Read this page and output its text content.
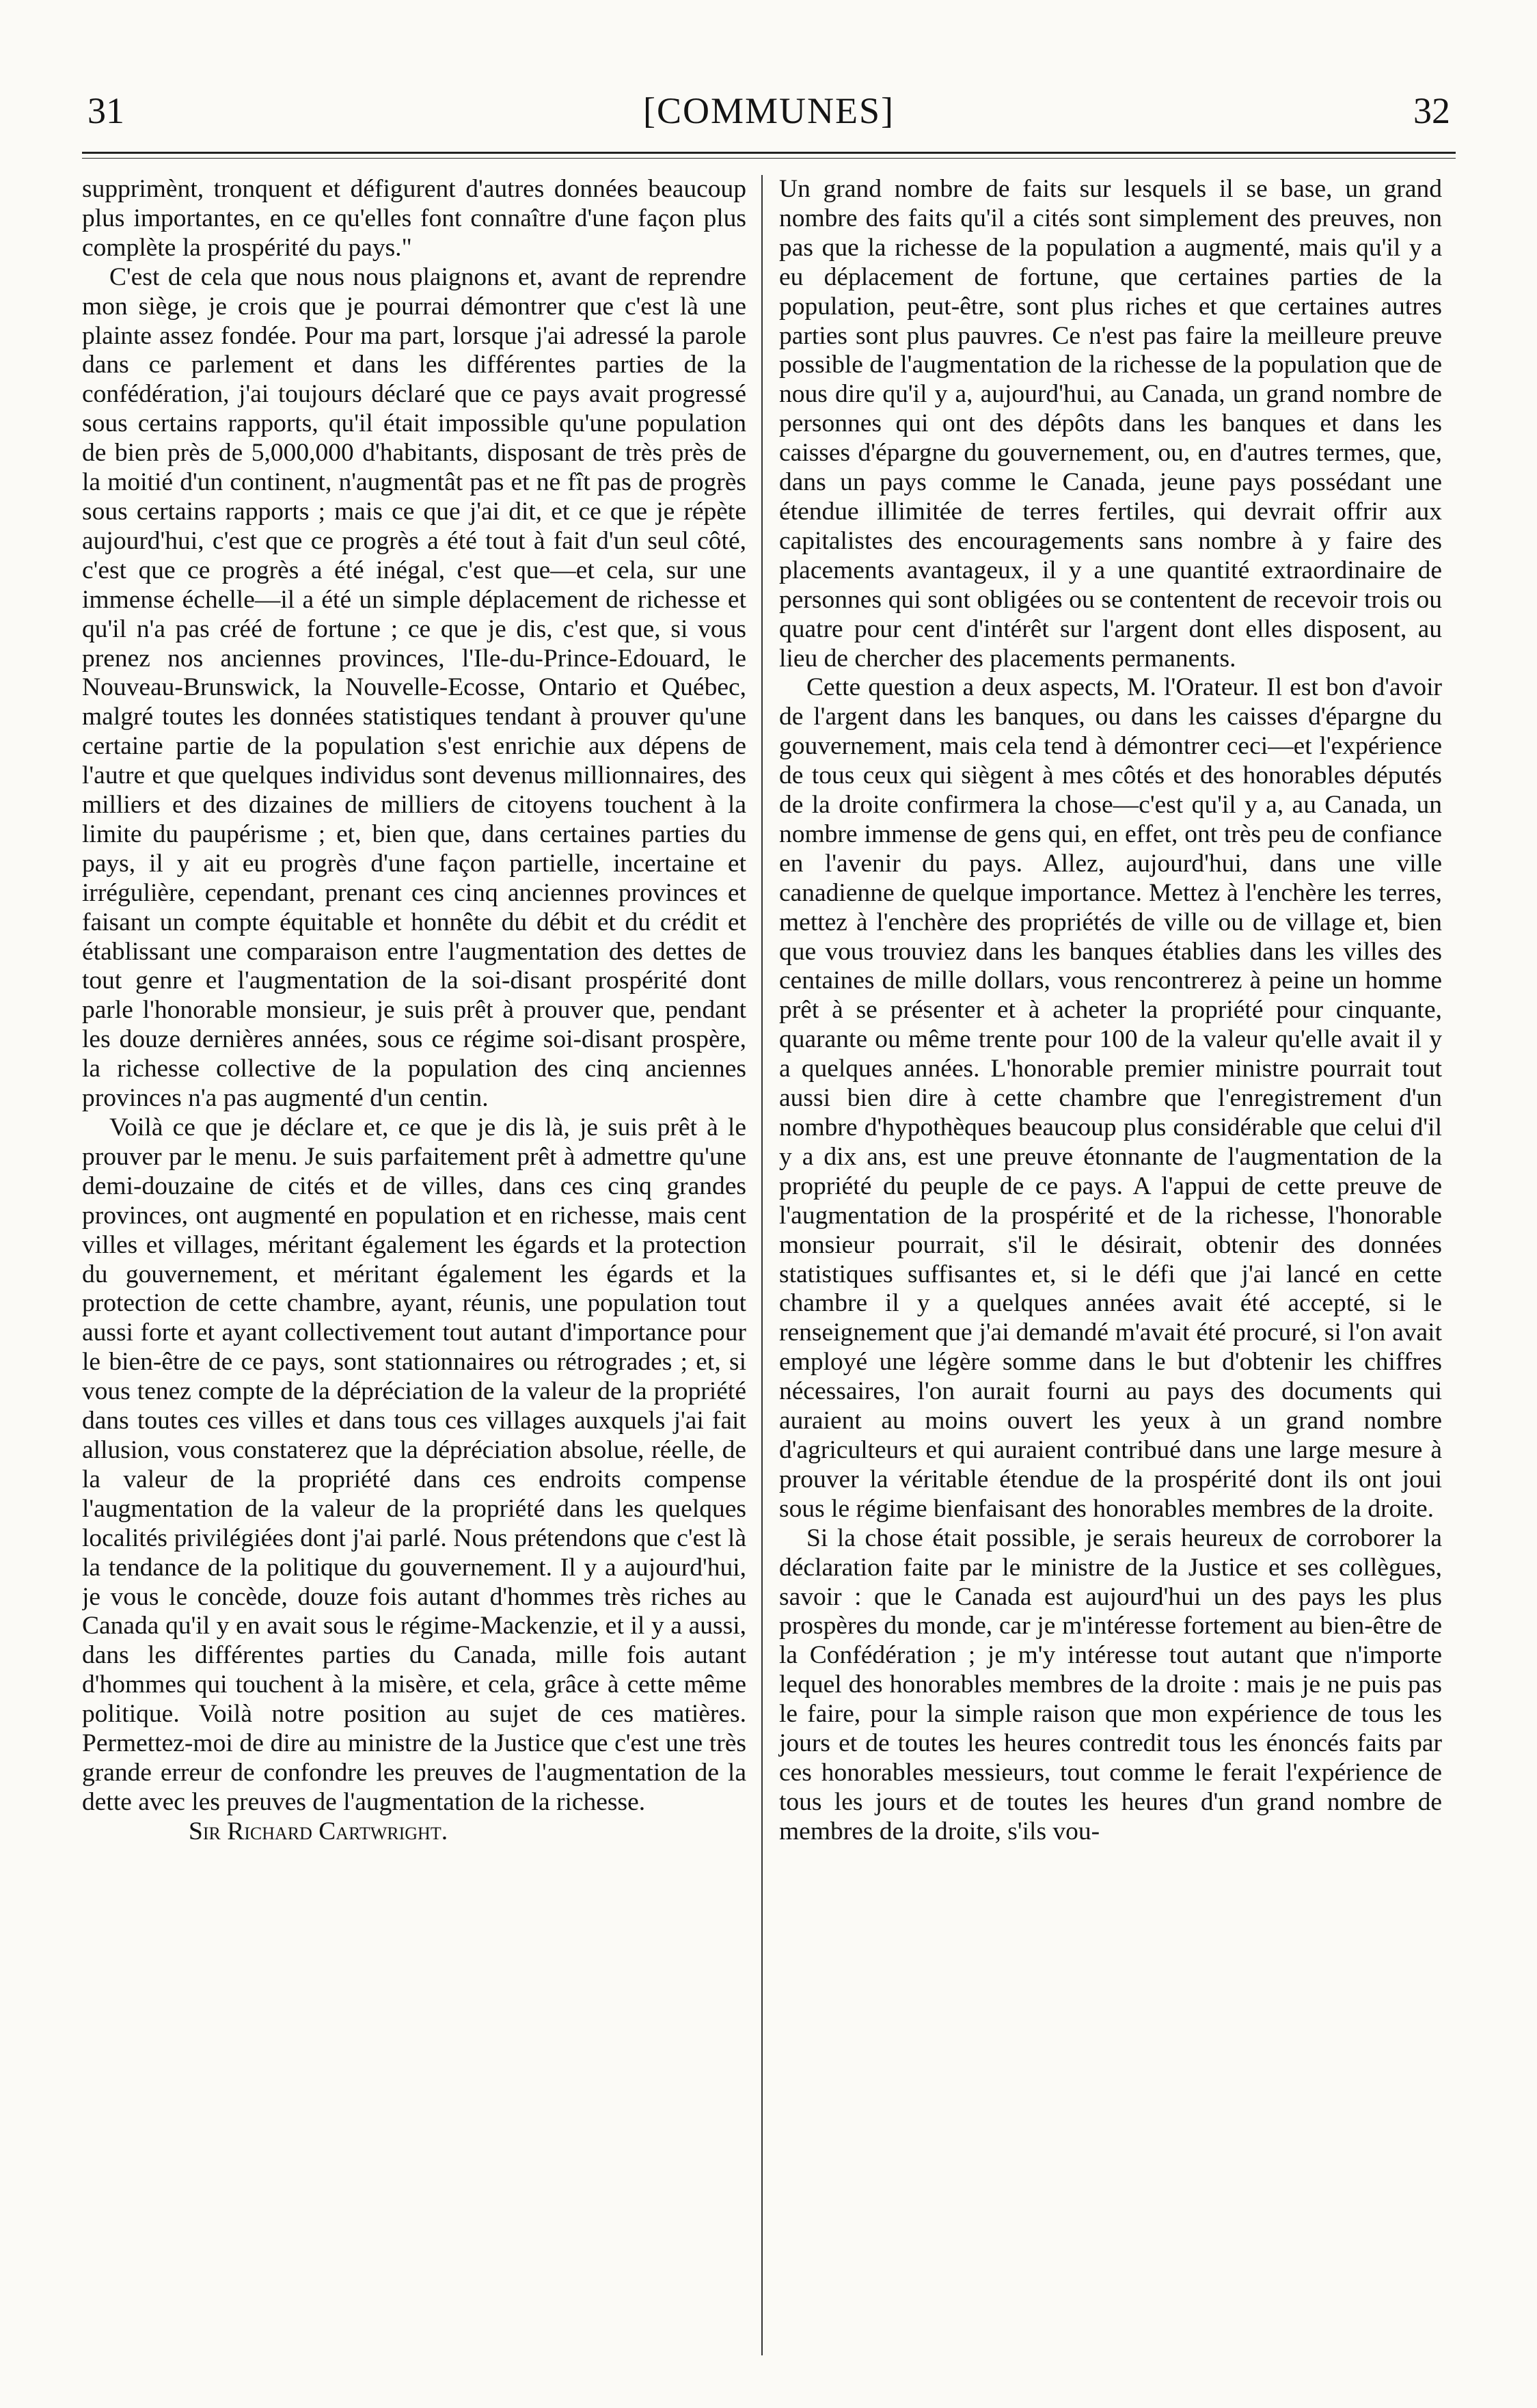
31	[COMMUNES]	32

supprimènt, tronquent et défigurent d'autres données beaucoup plus importantes, en ce qu'elles font connaître d'une façon plus complète la prospérité du pays."

C'est de cela que nous nous plaignons et, avant de reprendre mon siège, je crois que je pourrai démontrer que c'est là une plainte assez fondée. Pour ma part, lorsque j'ai adressé la parole dans ce parlement et dans les différentes parties de la confédération, j'ai toujours déclaré que ce pays avait progressé sous certains rapports, qu'il était impossible qu'une population de bien près de 5,000,000 d'habitants, disposant de très près de la moitié d'un continent, n'augmentât pas et ne fît pas de progrès sous certains rapports ; mais ce que j'ai dit, et ce que je répète aujourd'hui, c'est que ce progrès a été tout à fait d'un seul côté, c'est que ce progrès a été inégal, c'est que—et cela, sur une immense échelle—il a été un simple déplacement de richesse et qu'il n'a pas créé de fortune ; ce que je dis, c'est que, si vous prenez nos anciennes provinces, l'Ile-du-Prince-Edouard, le Nouveau-Brunswick, la Nouvelle-Ecosse, Ontario et Québec, malgré toutes les données statistiques tendant à prouver qu'une certaine partie de la population s'est enrichie aux dépens de l'autre et que quelques individus sont devenus millionnaires, des milliers et des dizaines de milliers de citoyens touchent à la limite du paupérisme ; et, bien que, dans certaines parties du pays, il y ait eu progrès d'une façon partielle, incertaine et irrégulière, cependant, prenant ces cinq anciennes provinces et faisant un compte équitable et honnête du débit et du crédit et établissant une comparaison entre l'augmentation des dettes de tout genre et l'augmentation de la soi-disant prospérité dont parle l'honorable monsieur, je suis prêt à prouver que, pendant les douze dernières années, sous ce régime soi-disant prospère, la richesse collective de la population des cinq anciennes provinces n'a pas augmenté d'un centin.

Voilà ce que je déclare et, ce que je dis là, je suis prêt à le prouver par le menu. Je suis parfaitement prêt à admettre qu'une demi-douzaine de cités et de villes, dans ces cinq grandes provinces, ont augmenté en population et en richesse, mais cent villes et villages, méritant également les égards et la protection du gouvernement, et méritant également les égards et la protection de cette chambre, ayant, réunis, une population tout aussi forte et ayant collectivement tout autant d'importance pour le bien-être de ce pays, sont stationnaires ou rétrogrades ; et, si vous tenez compte de la dépréciation de la valeur de la propriété dans toutes ces villes et dans tous ces villages auxquels j'ai fait allusion, vous constaterez que la dépréciation absolue, réelle, de la valeur de la propriété dans ces endroits compense l'augmentation de la valeur de la propriété dans les quelques localités privilégiées dont j'ai parlé. Nous prétendons que c'est là la tendance de la politique du gouvernement. Il y a aujourd'hui, je vous le concède, douze fois autant d'hommes très riches au Canada qu'il y en avait sous le régime-Mackenzie, et il y a aussi, dans les différentes parties du Canada, mille fois autant d'hommes qui touchent à la misère, et cela, grâce à cette même politique. Voilà notre position au sujet de ces matières. Permettez-moi de dire au ministre de la Justice que c'est une très grande erreur de confondre les preuves de l'augmentation de la dette avec les preuves de l'augmentation de la richesse.

Sir Richard Cartwright.

Un grand nombre de faits sur lesquels il se base, un grand nombre des faits qu'il a cités sont simplement des preuves, non pas que la richesse de la population a augmenté, mais qu'il y a eu déplacement de fortune, que certaines parties de la population, peut-être, sont plus riches et que certaines autres parties sont plus pauvres. Ce n'est pas faire la meilleure preuve possible de l'augmentation de la richesse de la population que de nous dire qu'il y a, aujourd'hui, au Canada, un grand nombre de personnes qui ont des dépôts dans les banques et dans les caisses d'épargne du gouvernement, ou, en d'autres termes, que, dans un pays comme le Canada, jeune pays possédant une étendue illimitée de terres fertiles, qui devrait offrir aux capitalistes des encouragements sans nombre à y faire des placements avantageux, il y a une quantité extraordinaire de personnes qui sont obligées ou se contentent de recevoir trois ou quatre pour cent d'intérêt sur l'argent dont elles disposent, au lieu de chercher des placements permanents.

Cette question a deux aspects, M. l'Orateur. Il est bon d'avoir de l'argent dans les banques, ou dans les caisses d'épargne du gouvernement, mais cela tend à démontrer ceci—et l'expérience de tous ceux qui siègent à mes côtés et des honorables députés de la droite confirmera la chose—c'est qu'il y a, au Canada, un nombre immense de gens qui, en effet, ont très peu de confiance en l'avenir du pays. Allez, aujourd'hui, dans une ville canadienne de quelque importance. Mettez à l'enchère les terres, mettez à l'enchère des propriétés de ville ou de village et, bien que vous trouviez dans les banques établies dans les villes des centaines de mille dollars, vous rencontrerez à peine un homme prêt à se présenter et à acheter la propriété pour cinquante, quarante ou même trente pour 100 de la valeur qu'elle avait il y a quelques années. L'honorable premier ministre pourrait tout aussi bien dire à cette chambre que l'enregistrement d'un nombre d'hypothèques beaucoup plus considérable que celui d'il y a dix ans, est une preuve étonnante de l'augmentation de la propriété du peuple de ce pays. A l'appui de cette preuve de l'augmentation de la prospérité et de la richesse, l'honorable monsieur pourrait, s'il le désirait, obtenir des données statistiques suffisantes et, si le défi que j'ai lancé en cette chambre il y a quelques années avait été accepté, si le renseignement que j'ai demandé m'avait été procuré, si l'on avait employé une légère somme dans le but d'obtenir les chiffres nécessaires, l'on aurait fourni au pays des documents qui auraient au moins ouvert les yeux à un grand nombre d'agriculteurs et qui auraient contribué dans une large mesure à prouver la véritable étendue de la prospérité dont ils ont joui sous le régime bienfaisant des honorables membres de la droite.

Si la chose était possible, je serais heureux de corroborer la déclaration faite par le ministre de la Justice et ses collègues, savoir : que le Canada est aujourd'hui un des pays les plus prospères du monde, car je m'intéresse fortement au bien-être de la Confédération ; je m'y intéresse tout autant que n'importe lequel des honorables membres de la droite : mais je ne puis pas le faire, pour la simple raison que mon expérience de tous les jours et de toutes les heures contredit tous les énoncés faits par ces honorables messieurs, tout comme le ferait l'expérience de tous les jours et de toutes les heures d'un grand nombre de membres de la droite, s'ils vou-
